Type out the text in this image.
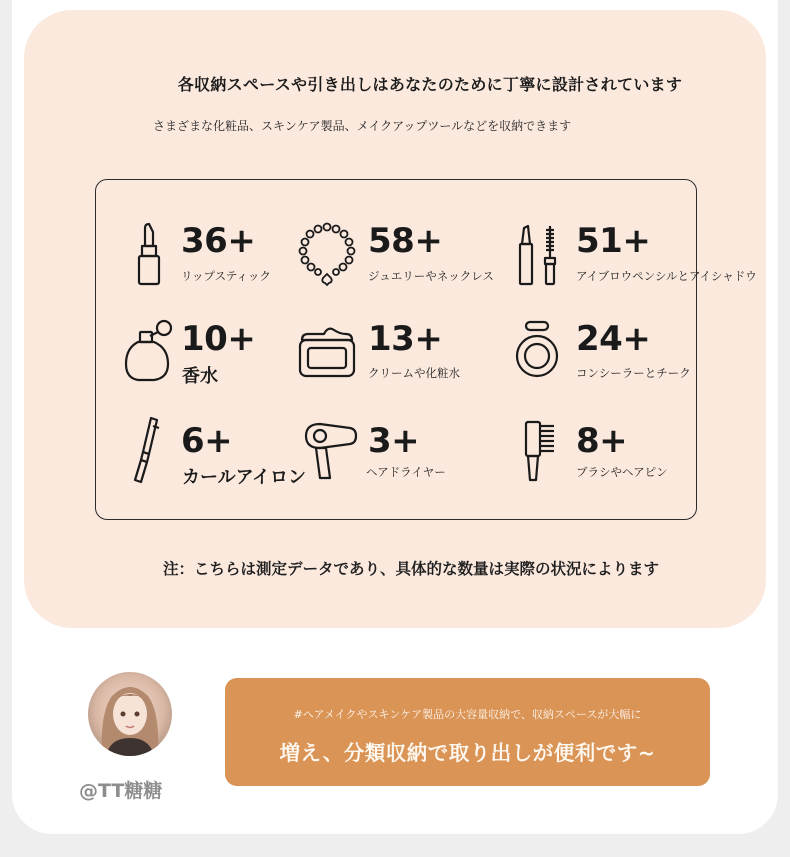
各収納スペースや引き出しはあなたのために丁寧に設計されています
さまざまな化粧品、スキンケア製品、メイクアップツールなどを収納できます
36+
リップスティック
58+
ジュエリーやネックレス
51+
アイブロウペンシルとアイシャドウ
10+
香水
13+
クリームや化粧水
24+
コンシーラーとチーク
6+
カールアイロン
3+
ヘアドライヤー
8+
ブラシやヘアピン
注：こちらは測定データであり、具体的な数量は実際の状況によります
@TT糖糖
#ヘアメイクやスキンケア製品の大容量収納で、収納スペースが大幅に
増え、分類収納で取り出しが便利です~
